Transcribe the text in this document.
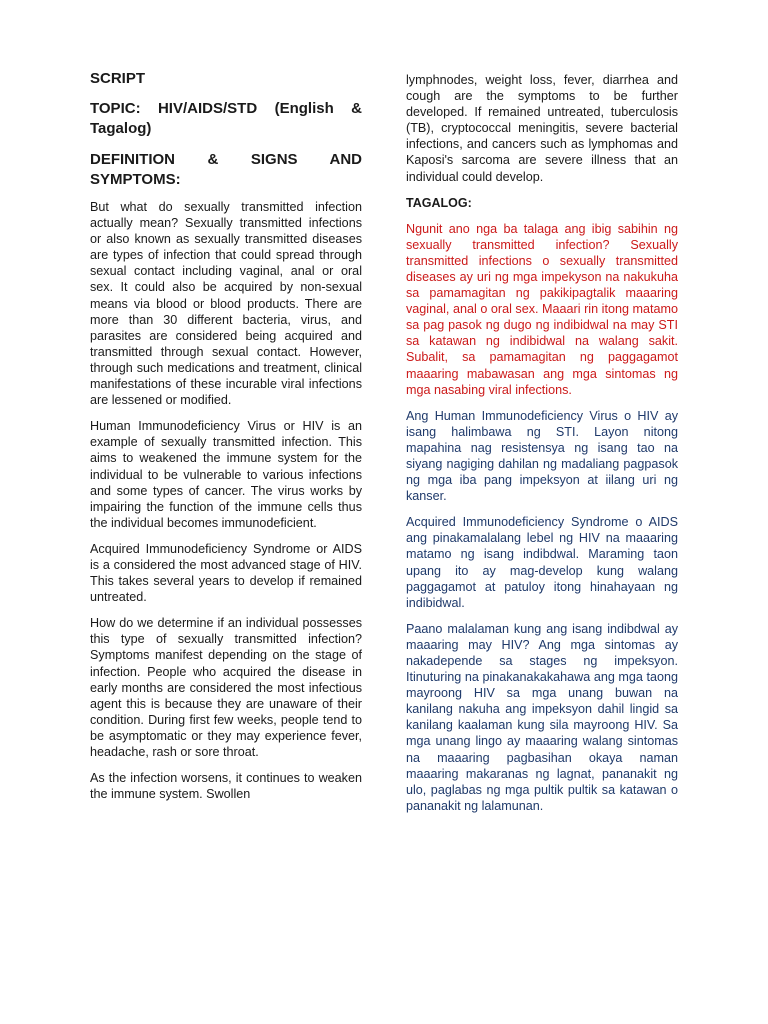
SCRIPT
TOPIC: HIV/AIDS/STD (English & Tagalog)
DEFINITION & SIGNS AND SYMPTOMS:

But what do sexually transmitted infection actually mean? Sexually transmitted infections or also known as sexually transmitted diseases are types of infection that could spread through sexual contact including vaginal, anal or oral sex. It could also be acquired by non-sexual means via blood or blood products. There are more than 30 different bacteria, virus, and parasites are considered being acquired and transmitted through sexual contact. However, through such medications and treatment, clinical manifestations of these incurable viral infections are lessened or modified.

Human Immunodeficiency Virus or HIV is an example of sexually transmitted infection. This aims to weakened the immune system for the individual to be vulnerable to various infections and some types of cancer. The virus works by impairing the function of the immune cells thus the individual becomes immunodeficient.

Acquired Immunodeficiency Syndrome or AIDS is a considered the most advanced stage of HIV. This takes several years to develop if remained untreated.

How do we determine if an individual possesses this type of sexually transmitted infection? Symptoms manifest depending on the stage of infection. People who acquired the disease in early months are considered the most infectious agent this is because they are unaware of their condition. During first few weeks, people tend to be asymptomatic or they may experience fever, headache, rash or sore throat.

As the infection worsens, it continues to weaken the immune system. Swollen

lymphnodes, weight loss, fever, diarrhea and cough are the symptoms to be further developed. If remained untreated, tuberculosis (TB), cryptococcal meningitis, severe bacterial infections, and cancers such as lymphomas and Kaposi's sarcoma are severe illness that an individual could develop.

TAGALOG:

Ngunit ano nga ba talaga ang ibig sabihin ng sexually transmitted infection? Sexually transmitted infections o sexually transmitted diseases ay uri ng mga impekyson na nakukuha sa pamamagitan ng pakikipagtalik maaaring vaginal, anal o oral sex. Maaari rin itong matamo sa pag pasok ng dugo ng indibidwal na may STI sa katawan ng indibidwal na walang sakit. Subalit, sa pamamagitan ng paggagamot maaaring mabawasan ang mga sintomas ng mga nasabing viral infections.

Ang Human Immunodeficiency Virus o HIV ay isang halimbawa ng STI. Layon nitong mapahina nag resistensya ng isang tao na siyang nagiging dahilan ng madaliang pagpasok ng mga iba pang impeksyon at iilang uri ng kanser.

Acquired Immunodeficiency Syndrome o AIDS ang pinakamalalang lebel ng HIV na maaaring matamo ng isang indibdwal. Maraming taon upang ito ay mag-develop kung walang paggagamot at patuloy itong hinahayaan ng indibidwal.

Paano malalaman kung ang isang indibdwal ay maaaring may HIV? Ang mga sintomas ay nakadepende sa stages ng impeksyon. Itinuturing na pinakanakakahawa ang mga taong mayroong HIV sa mga unang buwan na kanilang nakuha ang impeksyon dahil lingid sa kanilang kaalaman kung sila mayroong HIV. Sa mga unang lingo ay maaaring walang sintomas na maaaring pagbasihan okaya naman maaaring makaranas ng lagnat, pananakit ng ulo, paglabas ng mga pultik pultik sa katawan o pananakit ng lalamunan.
